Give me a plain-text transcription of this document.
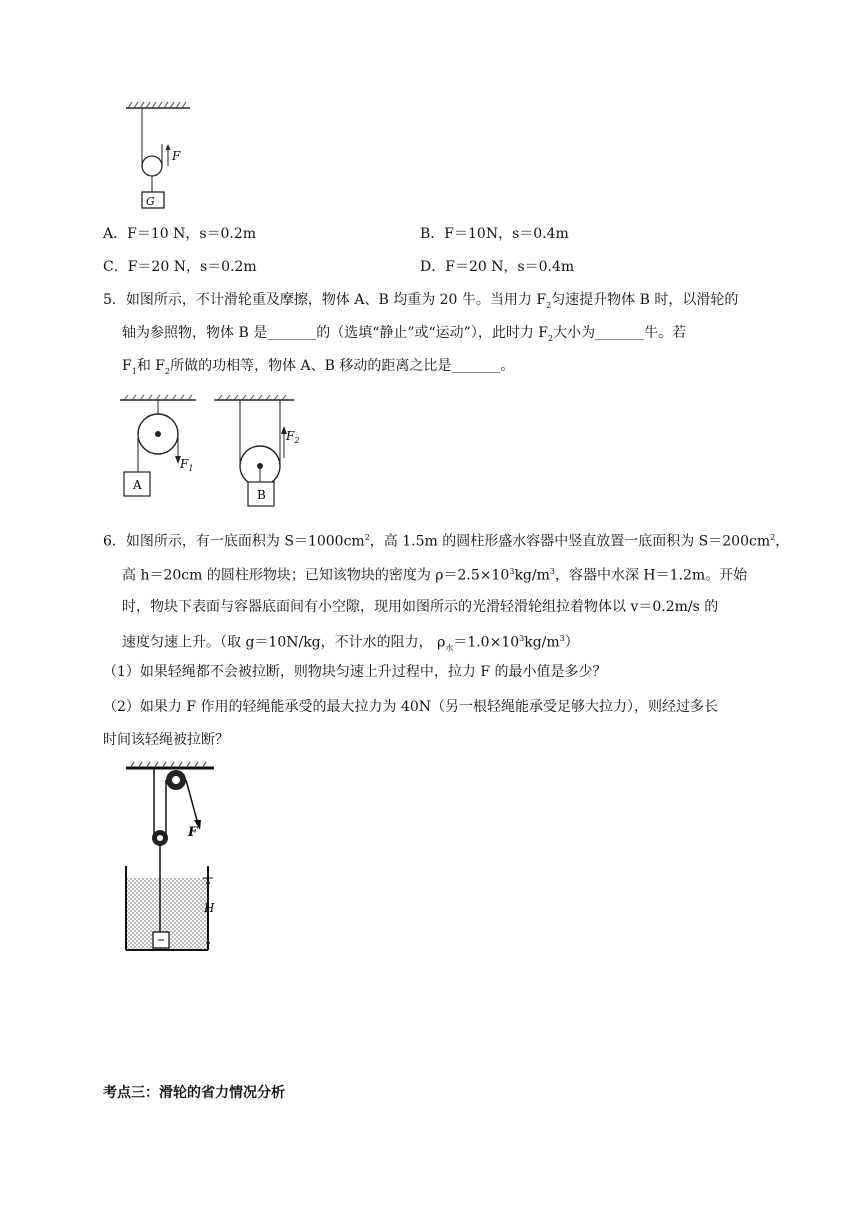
F
G
A．F＝10 N，s＝0.2m	B．F＝10N，s＝0.4m
C．F＝20 N，s＝0.2m	D．F＝20 N，s＝0.4m
5．如图所示，不计滑轮重及摩擦，物体 A、B 均重为 20 牛。当用力 $F_2$匀速提升物体 B 时，以滑轮的
轴为参照物，物体 B 是_______的（选填“静止”或“运动”），此时力 $F_2$大小为_______牛。若
$F_1$和 $F_2$所做的功相等，物体 A、B 移动的距离之比是_______。
A
$F_1$
B
$F_2$
6．如图所示，有一底面积为 $S=1000cm^2$，高 1.5m 的圆柱形盛水容器中竖直放置一底面积为 $S=200cm^2$，
高 h＝20cm 的圆柱形物块；已知该物块的密度为 $\rho=2.5\times 10^3kg/m^3$，容器中水深 H＝1.2m。开始
时，物块下表面与容器底面间有小空隙，现用如图所示的光滑轻滑轮组拉着物体以 v＝0.2m/s 的
速度匀速上升。（取 g＝10N/kg，不计水的阻力， $\rho_水=1.0\times 10^3kg/m^3$）
（1）如果轻绳都不会被拉断，则物块匀速上升过程中，拉力 F 的最小值是多少？
（2）如果力 F 作用的轻绳能承受的最大拉力为 40N（另一根轻绳能承受足够大拉力），则经过多长
时间该轻绳被拉断？
F
H
考点三：滑轮的省力情况分析
